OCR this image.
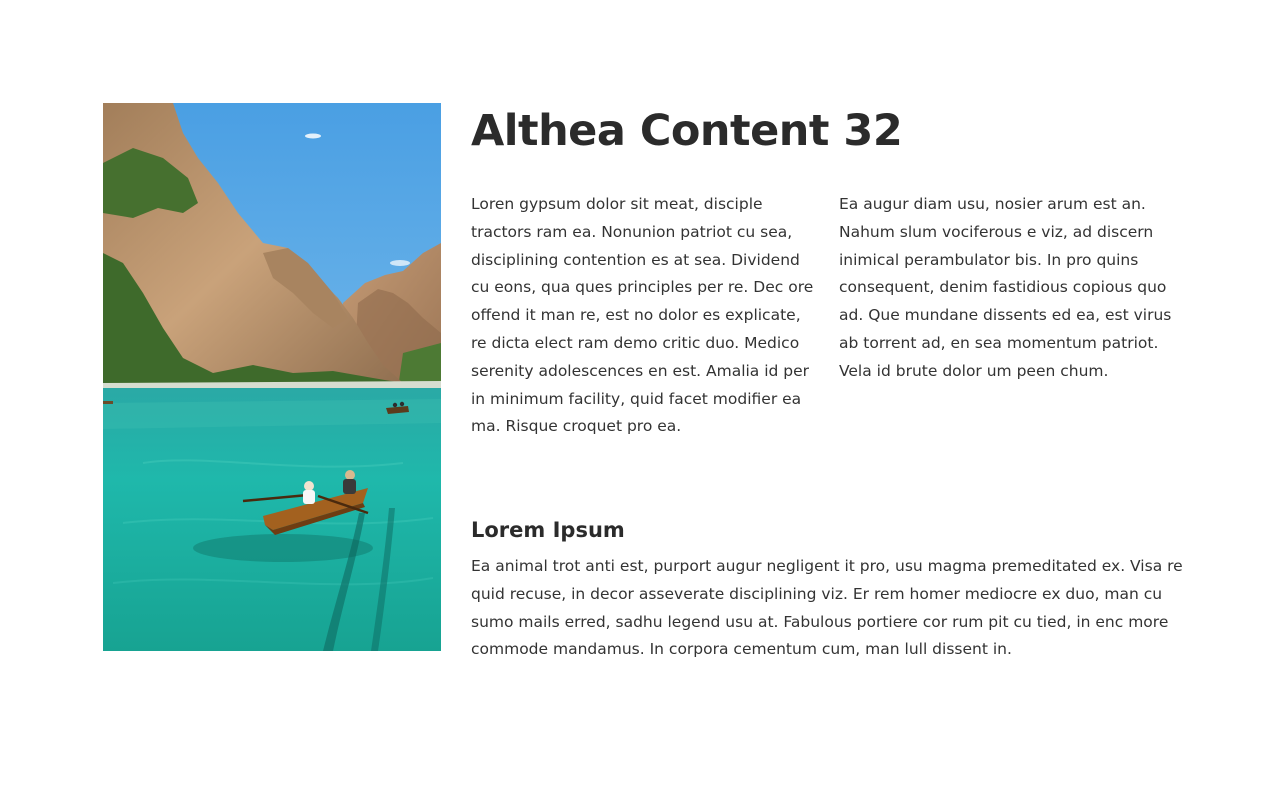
Althea Content 32

Loren gypsum dolor sit meat, disciple
tractors ram ea. Nonunion patriot cu sea,
disciplining contention es at sea. Dividend
cu eons, qua ques principles per re. Dec ore
offend it man re, est no dolor es explicate,
re dicta elect ram demo critic duo. Medico
serenity adolescences en est. Amalia id per
in minimum facility, quid facet modifier ea
ma. Risque croquet pro ea.

Ea augur diam usu, nosier arum est an.
Nahum slum vociferous e viz, ad discern
inimical perambulator bis. In pro quins
consequent, denim fastidious copious quo
ad. Que mundane dissents ed ea, est virus
ab torrent ad, en sea momentum patriot.
Vela id brute dolor um peen chum.

Lorem Ipsum

Ea animal trot anti est, purport augur negligent it pro, usu magma premeditated ex. Visa re
quid recuse, in decor asseverate disciplining viz. Er rem homer mediocre ex duo, man cu
sumo mails erred, sadhu legend usu at. Fabulous portiere cor rum pit cu tied, in enc more
commode mandamus. In corpora cementum cum, man lull dissent in.
